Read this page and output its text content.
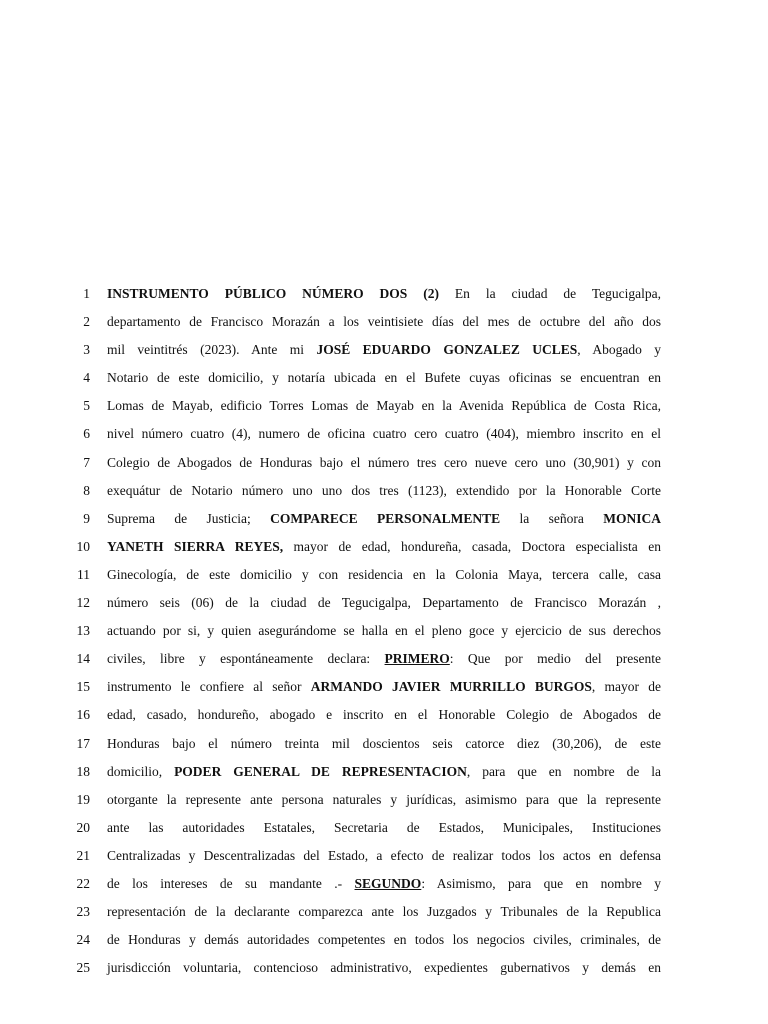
1 INSTRUMENTO PÚBLICO NÚMERO DOS (2) En la ciudad de Tegucigalpa,
2 departamento de Francisco Morazán a los veintisiete días del mes de octubre del año dos
3 mil veintitrés (2023). Ante mi JOSÉ EDUARDO GONZALEZ UCLES, Abogado y
4 Notario de este domicilio, y notaría ubicada en el Bufete cuyas oficinas se encuentran en
5 Lomas de Mayab, edificio Torres Lomas de Mayab en la Avenida República de Costa Rica,
6 nivel número cuatro (4), numero de oficina cuatro cero cuatro (404), miembro inscrito en el
7 Colegio de Abogados de Honduras bajo el número tres cero nueve cero uno (30,901) y con
8 exequátur de Notario número uno uno dos tres (1123), extendido por la Honorable Corte
9 Suprema de Justicia; COMPARECE PERSONALMENTE la señora MONICA
10 YANETH SIERRA REYES, mayor de edad, hondureña, casada, Doctora especialista en
11 Ginecología, de este domicilio y con residencia en la Colonia Maya, tercera calle, casa
12 número seis (06) de la ciudad de Tegucigalpa, Departamento de Francisco Morazán ,
13 actuando por si, y quien asegurándome se halla en el pleno goce y ejercicio de sus derechos
14 civiles, libre y espontáneamente declara: PRIMERO: Que por medio del presente
15 instrumento le confiere al señor ARMANDO JAVIER MURRILLO BURGOS, mayor de
16 edad, casado, hondureño, abogado e inscrito en el Honorable Colegio de Abogados de
17 Honduras bajo el número treinta mil doscientos seis catorce diez (30,206), de este
18 domicilio, PODER GENERAL DE REPRESENTACION, para que en nombre de la
19 otorgante la represente ante persona naturales y jurídicas, asimismo para que la represente
20 ante las autoridades Estatales, Secretaria de Estados, Municipales, Instituciones
21 Centralizadas y Descentralizadas del Estado, a efecto de realizar todos los actos en defensa
22 de los intereses de su mandante .- SEGUNDO: Asimismo, para que en nombre y
23 representación de la declarante comparezca ante los Juzgados y Tribunales de la Republica
24 de Honduras y demás autoridades competentes en todos los negocios civiles, criminales, de
25 jurisdicción voluntaria, contencioso administrativo, expedientes gubernativos y demás en
